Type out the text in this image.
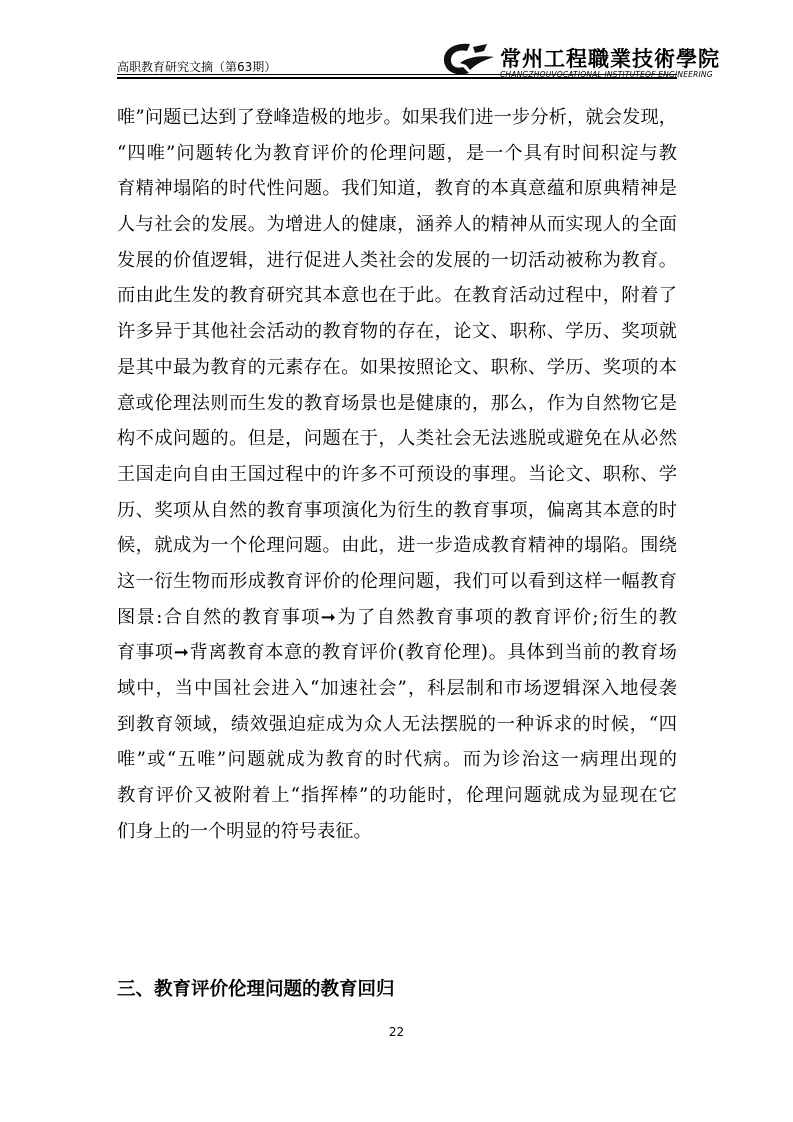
高职教育研究文摘（第63期）	常州工程職業技術學院
CHANGZHOUVOCATIONAL INSTITUTEOF ENGINEERING
唯”问题已达到了登峰造极的地步。如果我们进一步分析，就会发现，
“四唯”问题转化为教育评价的伦理问题，是一个具有时间积淀与教
育精神塌陷的时代性问题。我们知道，教育的本真意蕴和原典精神是
人与社会的发展。为增进人的健康，涵养人的精神从而实现人的全面
发展的价值逻辑，进行促进人类社会的发展的一切活动被称为教育。
而由此生发的教育研究其本意也在于此。在教育活动过程中，附着了
许多异于其他社会活动的教育物的存在，论文、职称、学历、奖项就
是其中最为教育的元素存在。如果按照论文、职称、学历、奖项的本
意或伦理法则而生发的教育场景也是健康的，那么，作为自然物它是
构不成问题的。但是，问题在于，人类社会无法逃脱或避免在从必然
王国走向自由王国过程中的许多不可预设的事理。当论文、职称、学
历、奖项从自然的教育事项演化为衍生的教育事项，偏离其本意的时
候，就成为一个伦理问题。由此，进一步造成教育精神的塌陷。围绕
这一衍生物而形成教育评价的伦理问题，我们可以看到这样一幅教育
图景:合自然的教育事项➞为了自然教育事项的教育评价;衍生的教
育事项➞背离教育本意的教育评价(教育伦理)。具体到当前的教育场
域中，当中国社会进入“加速社会”，科层制和市场逻辑深入地侵袭
到教育领域，绩效强迫症成为众人无法摆脱的一种诉求的时候，“四
唯”或“五唯”问题就成为教育的时代病。而为诊治这一病理出现的
教育评价又被附着上“指挥棒”的功能时，伦理问题就成为显现在它
们身上的一个明显的符号表征。
三、教育评价伦理问题的教育回归
22
